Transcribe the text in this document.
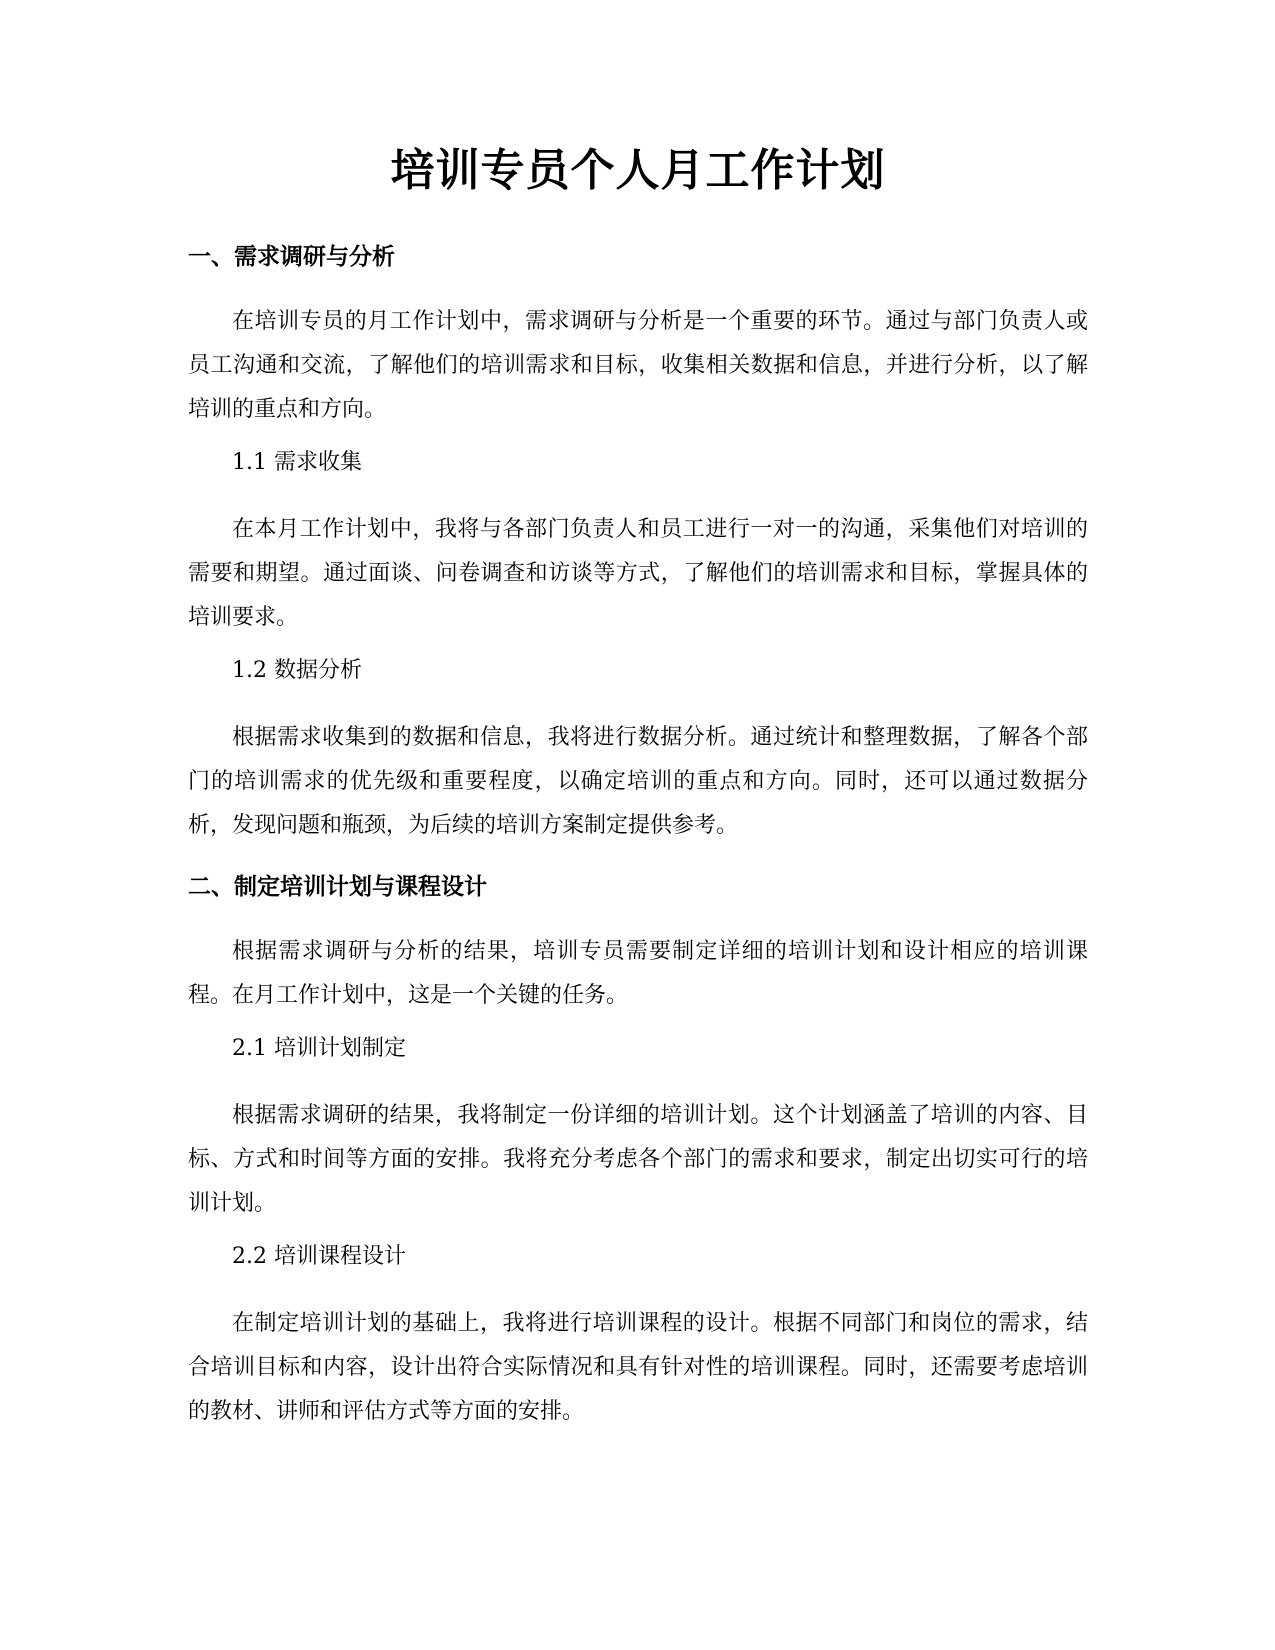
培训专员个人月工作计划
一、需求调研与分析

在培训专员的月工作计划中，需求调研与分析是一个重要的环节。通过与部门负责人或员工沟通和交流，了解他们的培训需求和目标，收集相关数据和信息，并进行分析，以了解培训的重点和方向。

1.1 需求收集

在本月工作计划中，我将与各部门负责人和员工进行一对一的沟通，采集他们对培训的需要和期望。通过面谈、问卷调查和访谈等方式，了解他们的培训需求和目标，掌握具体的培训要求。

1.2 数据分析

根据需求收集到的数据和信息，我将进行数据分析。通过统计和整理数据，了解各个部门的培训需求的优先级和重要程度，以确定培训的重点和方向。同时，还可以通过数据分析，发现问题和瓶颈，为后续的培训方案制定提供参考。

二、制定培训计划与课程设计

根据需求调研与分析的结果，培训专员需要制定详细的培训计划和设计相应的培训课程。在月工作计划中，这是一个关键的任务。

2.1 培训计划制定

根据需求调研的结果，我将制定一份详细的培训计划。这个计划涵盖了培训的内容、目标、方式和时间等方面的安排。我将充分考虑各个部门的需求和要求，制定出切实可行的培训计划。

2.2 培训课程设计

在制定培训计划的基础上，我将进行培训课程的设计。根据不同部门和岗位的需求，结合培训目标和内容，设计出符合实际情况和具有针对性的培训课程。同时，还需要考虑培训的教材、讲师和评估方式等方面的安排。
